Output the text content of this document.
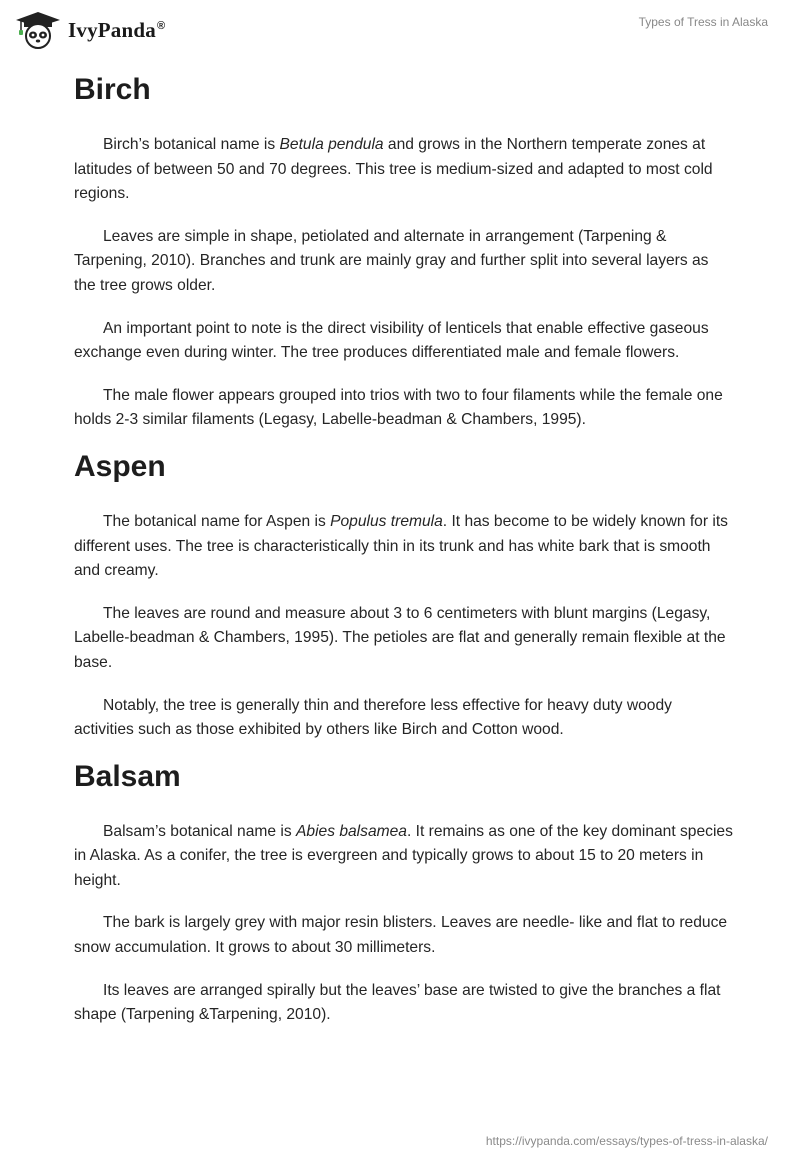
IvyPanda®	Types of Tress in Alaska
Birch

Birch’s botanical name is Betula pendula and grows in the Northern temperate zones at latitudes of between 50 and 70 degrees. This tree is medium-sized and adapted to most cold regions.

Leaves are simple in shape, petiolated and alternate in arrangement (Tarpening & Tarpening, 2010). Branches and trunk are mainly gray and further split into several layers as the tree grows older.

An important point to note is the direct visibility of lenticels that enable effective gaseous exchange even during winter. The tree produces differentiated male and female flowers.

The male flower appears grouped into trios with two to four filaments while the female one holds 2-3 similar filaments (Legasy, Labelle-beadman & Chambers, 1995).

Aspen

The botanical name for Aspen is Populus tremula. It has become to be widely known for its different uses. The tree is characteristically thin in its trunk and has white bark that is smooth and creamy.

The leaves are round and measure about 3 to 6 centimeters with blunt margins (Legasy, Labelle-beadman & Chambers, 1995). The petioles are flat and generally remain flexible at the base.

Notably, the tree is generally thin and therefore less effective for heavy duty woody activities such as those exhibited by others like Birch and Cotton wood.

Balsam

Balsam’s botanical name is Abies balsamea. It remains as one of the key dominant species in Alaska. As a conifer, the tree is evergreen and typically grows to about 15 to 20 meters in height.

The bark is largely grey with major resin blisters. Leaves are needle- like and flat to reduce snow accumulation. It grows to about 30 millimeters.

Its leaves are arranged spirally but the leaves’ base are twisted to give the branches a flat shape (Tarpening &Tarpening, 2010).

https://ivypanda.com/essays/types-of-tress-in-alaska/
